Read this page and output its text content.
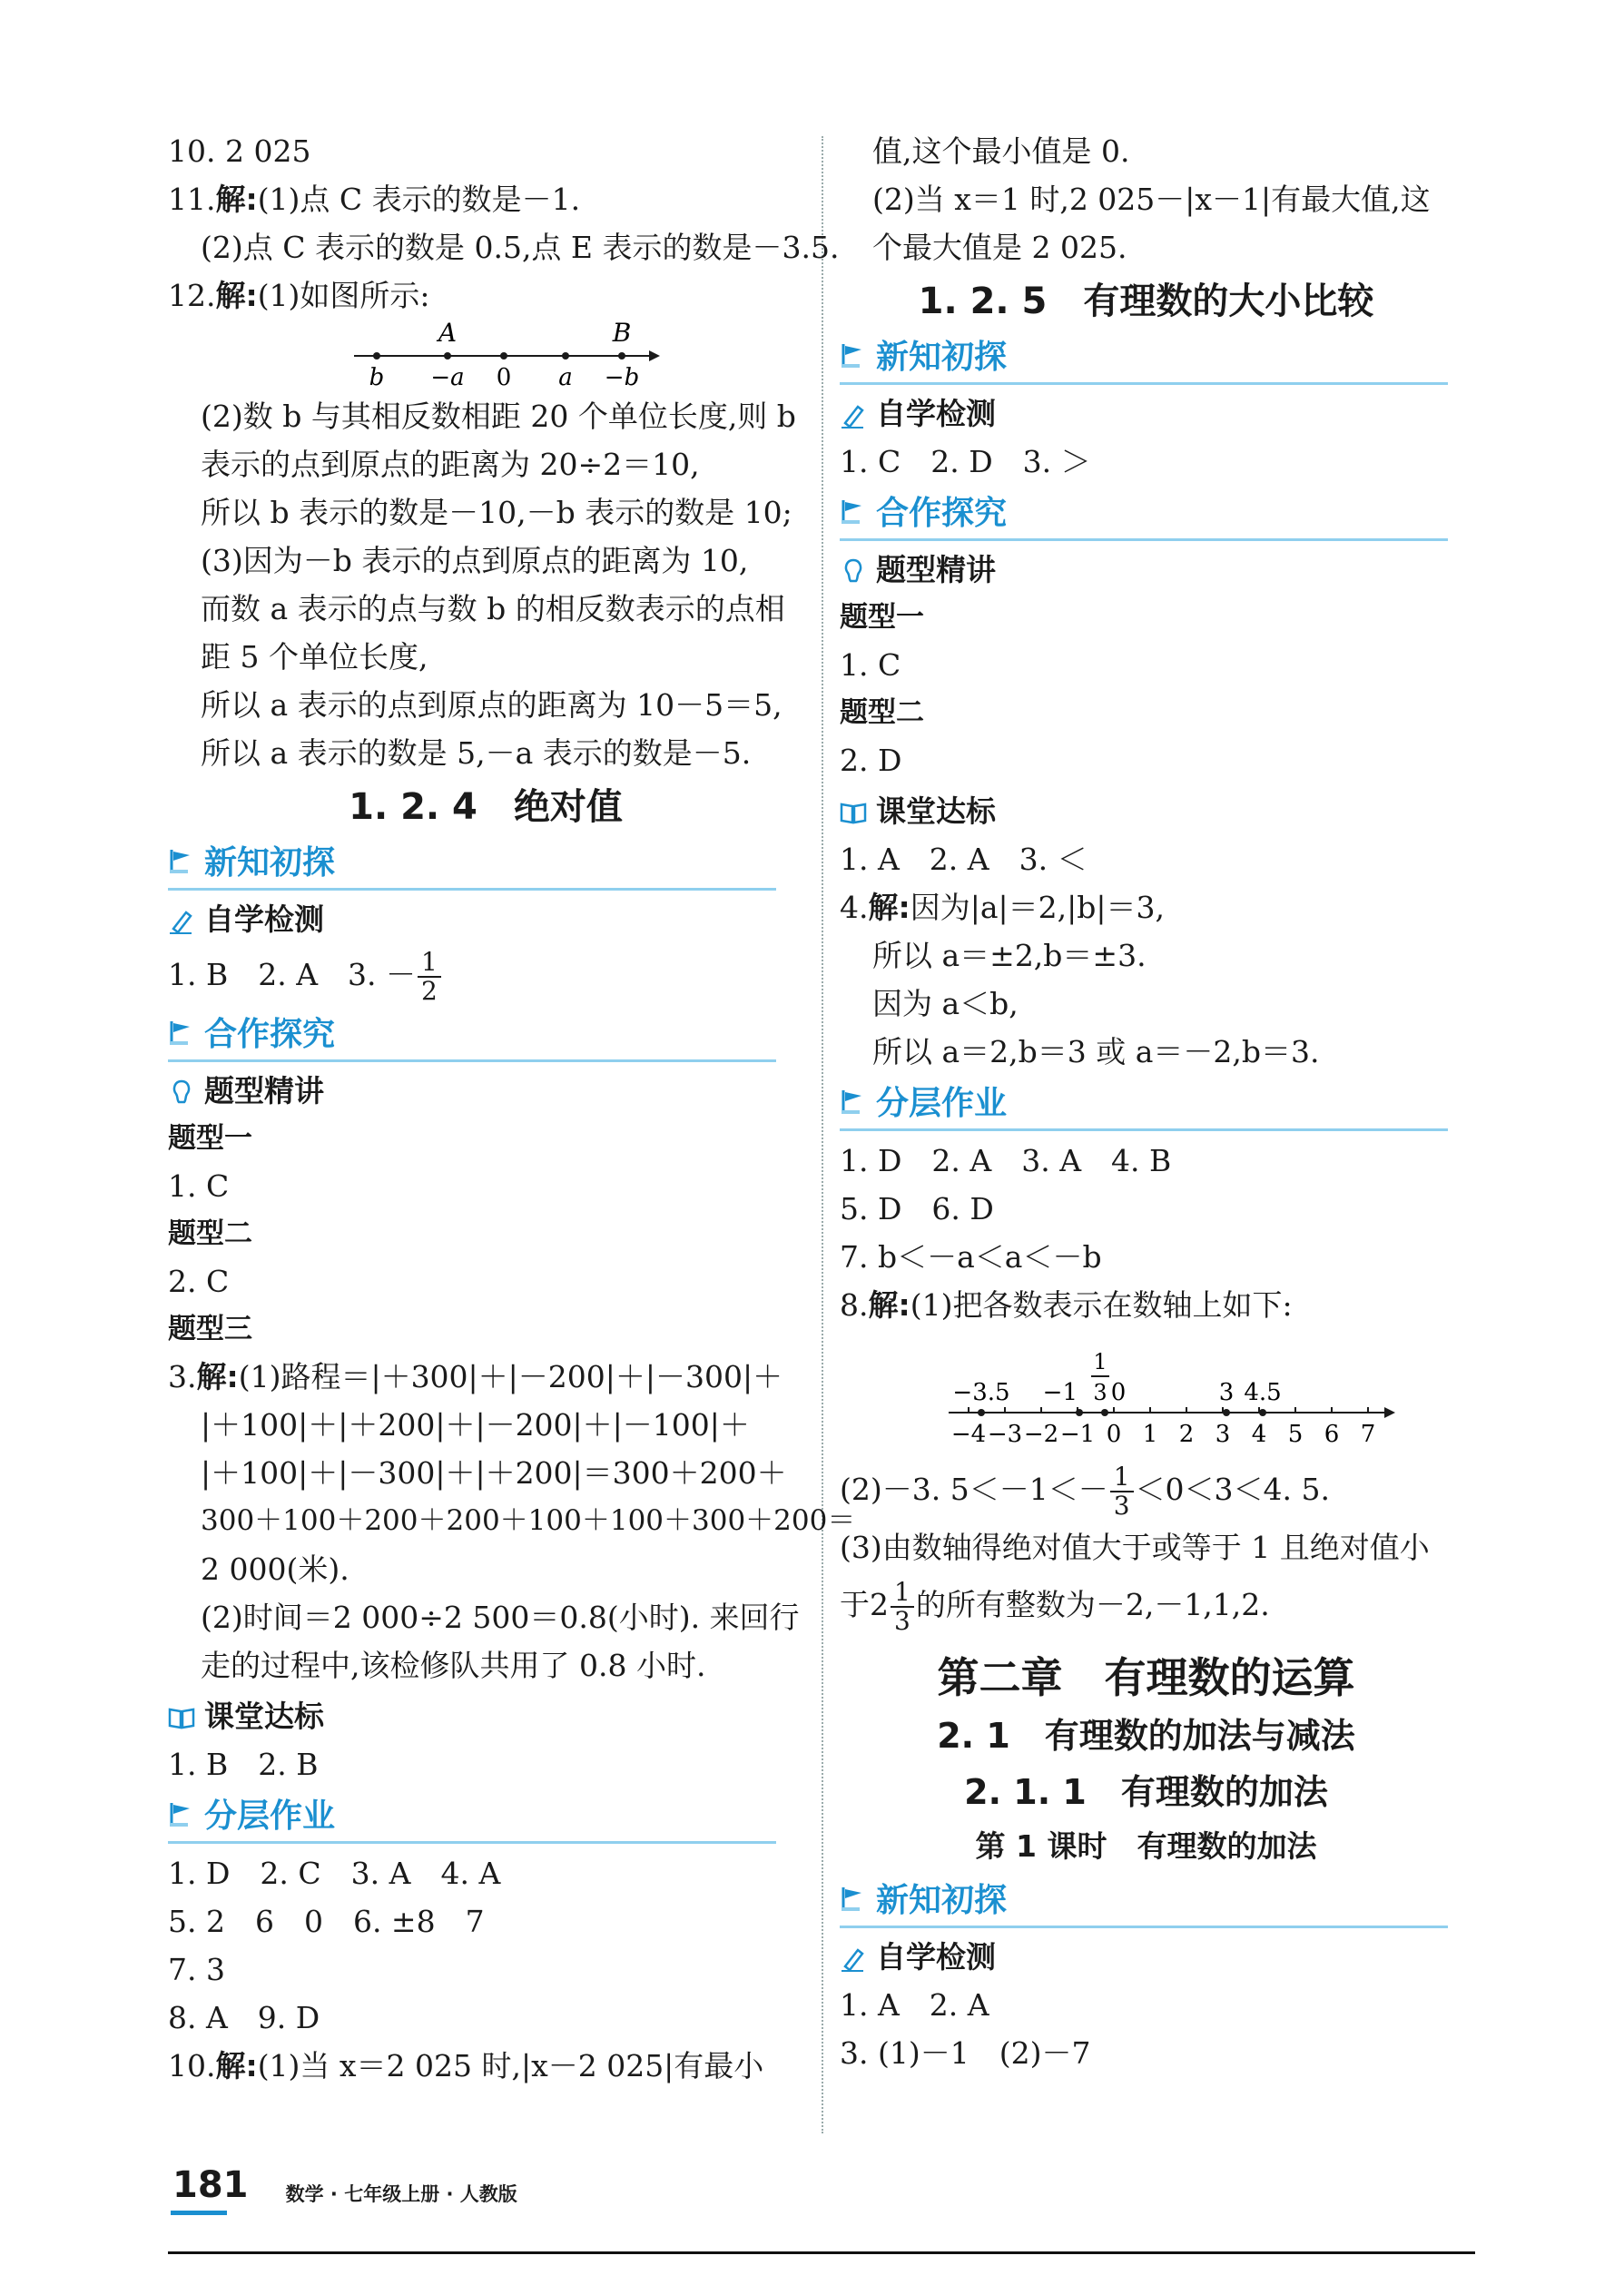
10. 2 025
11.解:(1)点 C 表示的数是－1.
(2)点 C 表示的数是 0.5,点 E 表示的数是－3.5.
12.解:(1)如图所示:
A	B
b −a 0 a −b
(2)数 b 与其相反数相距 20 个单位长度,则 b
表示的点到原点的距离为 20÷2＝10,
所以 b 表示的数是－10,－b 表示的数是 10;
(3)因为－b 表示的点到原点的距离为 10,
而数 a 表示的点与数 b 的相反数表示的点相
距 5 个单位长度,
所以 a 表示的点到原点的距离为 10－5＝5,
所以 a 表示的数是 5,－a 表示的数是－5.
1. 2. 4　绝对值
新知初探
自学检测
1. B　2. A　3. － $\frac{1}{2}$
合作探究
题型精讲
题型一
1. C
题型二
2. C
题型三
3.解:(1)路程＝|＋300|＋|－200|＋|－300|＋
|＋100|＋|＋200|＋|－200|＋|－100|＋
|＋100|＋|－300|＋|＋200|＝300＋200＋
300＋100＋200＋200＋100＋100＋300＋200＝
2 000(米).
(2)时间＝2 000÷2 500＝0.8(小时). 来回行
走的过程中,该检修队共用了 0.8 小时.
课堂达标
1. B　2. B
分层作业
1. D　2. C　3. A　4. A
5. 2　6　0　6. ±8　7
7. 3
8. A　9. D
10.解:(1)当 x＝2 025 时,|x－2 025|有最小
值,这个最小值是 0.
(2)当 x＝1 时,2 025－|x－1|有最大值,这
个最大值是 2 025.
1. 2. 5　有理数的大小比较
新知初探
自学检测
1. C　2. D　3. ＞
合作探究
题型精讲
题型一
1. C
题型二
2. D
课堂达标
1. A　2. A　3. ＜
4.解:因为|a|＝2,|b|＝3,
所以 a＝±2,b＝±3.
因为 a＜b,
所以 a＝2,b＝3 或 a＝－2,b＝3.
分层作业
1. D　2. A　3. A　4. B
5. D　6. D
7. b＜－a＜a＜－b
8.解:(1)把各数表示在数轴上如下:
−4 −3 −2 −1 0 1 2 3 4 5 6 7
−3.5 −1
1
3 0	3 4.5
(2)－3. $5<-1<- \frac{1}{3} <0<3<4$. 5.
(3)由数轴得绝对值大于或等于 1 且绝对值小
于$2 \frac{1}{3}$ 的所有整数为－2,－1,1,2.
第二章　有理数的运算
2. 1　有理数的加法与减法
2. 1. 1　有理数的加法
第 1 课时　有理数的加法
新知初探
自学检测
1. A　2. A
3. (1)－1　(2)－7
181 数学 · 七年级上册 · 人教版
